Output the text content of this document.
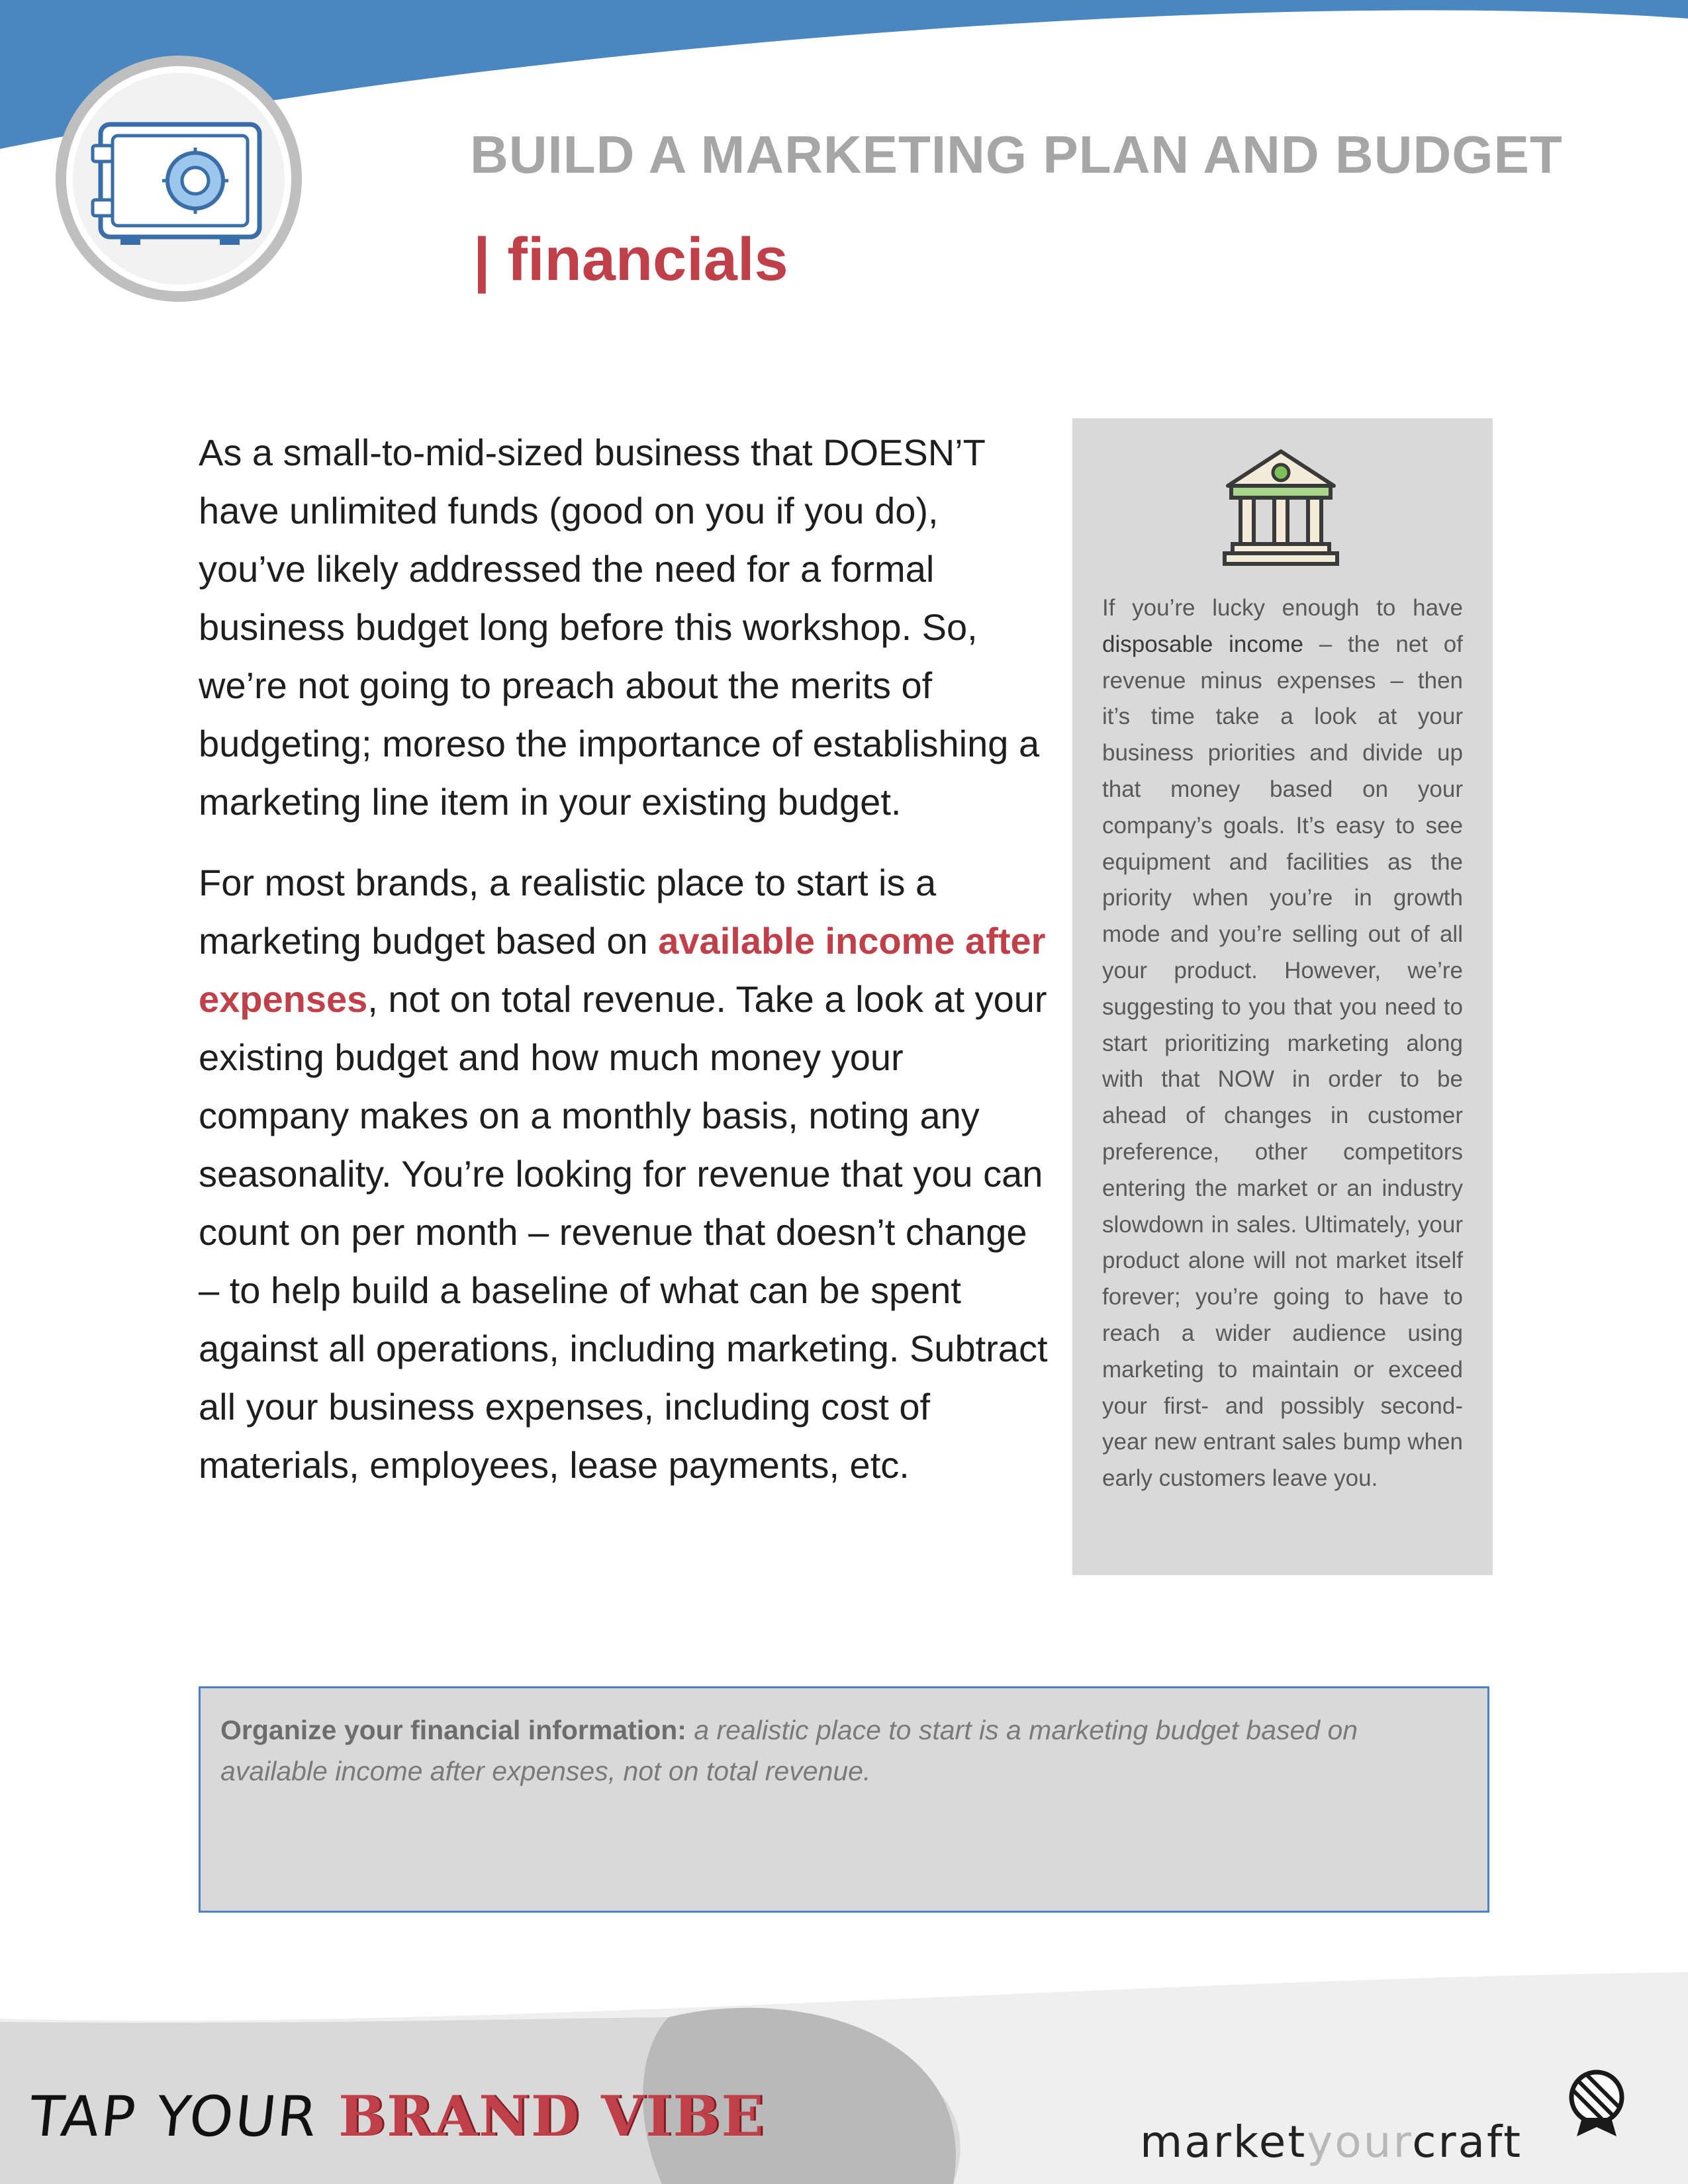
BUILD A MARKETING PLAN AND BUDGET
| financials

As a small-to-mid-sized business that DOESN’T have unlimited funds (good on you if you do), you’ve likely addressed the need for a formal business budget long before this workshop. So, we’re not going to preach about the merits of budgeting; moreso the importance of establishing a marketing line item in your existing budget.

For most brands, a realistic place to start is a marketing budget based on available income after expenses, not on total revenue. Take a look at your existing budget and how much money your company makes on a monthly basis, noting any seasonality. You’re looking for revenue that you can count on per month – revenue that doesn’t change – to help build a baseline of what can be spent against all operations, including marketing. Subtract all your business expenses, including cost of materials, employees, lease payments, etc.

If you’re lucky enough to have disposable income – the net of revenue minus expenses – then it’s time take a look at your business priorities and divide up that money based on your company’s goals. It’s easy to see equipment and facilities as the priority when you’re in growth mode and you’re selling out of all your product. However, we’re suggesting to you that you need to start prioritizing marketing along with that NOW in order to be ahead of changes in customer preference, other competitors entering the market or an industry slowdown in sales. Ultimately, your product alone will not market itself forever; you’re going to have to reach a wider audience using marketing to maintain or exceed your first- and possibly second-year new entrant sales bump when early customers leave you.
Organize your financial information: a realistic place to start is a marketing budget based on available income after expenses, not on total revenue.
TAP YOUR BRAND VIBE	marketyourcraft
